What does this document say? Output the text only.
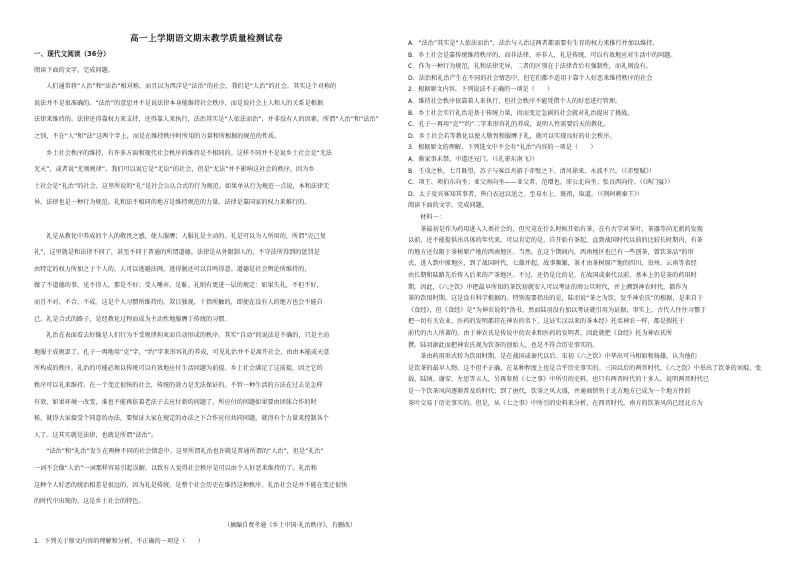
高一上学期语文期末教学质量检测试卷
一、现代文阅读（36分）
阅读下面的文字，完成问题。
　　人们通常将“人治”和“法治”相对称，而且以为西洋是“法治”的社会，我们是“人治”的社会。其实这个对称的
说法并不是很准确的。“法治”的意思并不是说法律本身能维持社会秩序，而是说社会上人和人的关系是根据
法律来维持的。法律还得靠权力来支持，还得靠人来执行，法治其实是“人依法而治”，并非没有人的因素。所谓“人治”和“法治”
之别，不在“人”和“法”这两个字上，而是在维持秩序时所用的力量和所根据的规范的性质。
　　乡土社会秩序的维持，有许多方面和现代社会秩序的维持是不相同的。这样不同并不是说乡土社会是“无法
无天”，或者说“无须规律”。我们可以说它是“无讼”的社会，但是“无法”并不影响这社会的秩序，因为乡
土社会是“礼治”的社会。这里所说的“礼”是社会公认合式的行为规范。如果单从行为规范一点说，本和法律无
异，法律也是一种行为规范。礼和法不相同的地方是维持规范的力量。法律是靠国家的权力来推行的。
　　礼是从教化中养成的个人的敬畏之感，使人服膺；人服礼是主动的。礼是可以为人所用的，所谓“克己复
礼”，这里就是和法律不同了，甚至不同于普通的所谓道德。法律是从外限制人的，不守法所得到的惩罚是
由特定的权力所加之于个人的。人可以逃避法网，逃得脱还可以自鸣得意。道德是社会舆论所维持的，
做了不道德的事，见不得人，那是不好；受人唾弃，是耻。礼则有更进一层的规定：如果失礼，不但不好，
而且不对、不合、不成。这是个人习惯所维持的。双目独视，十指所触的，即使在没有人的地方也会不能自
已。礼是合式的路子，是经教化过程而成为主动性地服膺于传统的习惯。
　　礼治在表面看去好像是人们行为不受规律拘束而自动形成的秩序。其实“自动”的说法是不确的，只是主动
地服于成规罢了。孔子一再地用“克”字，“约”字来形容礼的养成，可见礼治并不是离开社会，由由本能或天意
所构成的秩序。礼治的可能必须以传统可以有效地应付生活问题为前提。乡土社会满足了这前提，因之它的
秩序可以礼来维持。在一个变迁很快的社会，传统的效力是无法保证的。不管一种生活的方法在过去是怎样
有效，如果环境一改变，谁也不能再依着老法子去应付新的问题了。所应付的问题如果要由团体合作的时
候，就得大家接受个同意的办法，要保证大家在规定的办法之下合作应付共同问题，就得有个力量来控制各个
人了。这其实就是法律，也就是所谓“法治”。
　　“法治”和“礼治”发生在两种不同的社会情态中。这里所谓礼治也许就是普通所谓的“人治”，但是“礼治”
一词不会像“人治”一词那样容易引起误解，以致有人觉得社会秩序是可以由个人好恶来维持的了。礼治和
这种个人好恶的统治相差是很远的，因为礼是传统，是整个社会历史在维持这种秩序。礼治社会是并不能在变迁很快
的时代中出现的，这是乡土社会的特色。
（摘编自费孝通《乡土中国·礼治秩序》，有删改）
1．下列关于原文内容的理解和分析，不正确的一项是（　　）
A．“法治”其实是“人依法而治”，法治与人治这两者都需要有生存的权力来推行并加以维持。
B．乡土社会是靠传统维持秩序的，而非法律、亦非人，礼是传统，可以有效地应对生活中的问题。
C．作为一种行为规范，礼和法律无异，二者的区别在于法律背后有强制性，而礼则没有。
D．法治和礼治产生在不同的社会情态中，但它们都不适用于靠个人好恶来维持秩序的社会
2．根据原文内容，下列说法不正确的一项是（　　）
A．维持社会秩序依靠着人来执行，但社会秩序不能凭借个人的好恶进行管理。
B．乡土社会实行礼治是基于传统力量，因而变迁急剧的社会就对礼治提出了挑战。
C．孔子一再用“克”“约”二字来形容礼的养成，说明人性需要后天的教化。
D．乡土社会若等教化以使人敬畏和服膺于礼，就可以实现良好的社会秩序。
3．根据原文的理解，下列选文中不会有“礼治”内容的一项是（　　）
A．渐家事未禁，中道还兄门。（《孔雀东南飞》）
B．壬戌之秋，七月既望，苏子与客泛舟游于赤壁之下。清风徐来，水波不兴。（《赤壁赋》）
C．项王、项伯东向坐；亚父南向坐——亚父者，范增也。沛公北向坐；张良西向侍。（《鸿门宴》）
D．太子及宾客知其事者，皆白衣冠以送之。至易水上，既祖，取道。（《荆轲刺秦王》）
阅读下面的文字，完成问题。
　　材料一：
　　茶最初是作为药用进入人类社会的，但究竟在什么时候开始有茶，在有古学对茶叶，茶器等尚无新的发现
以前，还不能提供出具体的年代来。可以肯定的是，自开始有茶起，直到战国时代以前的比较长时期内，有茶
的地方还仅限于茶树原产地的西南地区。当然，在这个期间内，西南地区也已有一些创茶，曾饮茶品“的形
式，进入到中原地区，到了战国时代，七雄并起，战事频繁，茶才由茶树原产地的四川、贵州、云南等省经
由长期和陆路先后传入后来的产茶地区。不过，还仍是比的是，在战国或秦代以前，基本上仍是茶的药用时
期。因此，《六之饮》中把最早所知的茶饮初就安人可以考证的周公旦时代，并上溯到神农时代，都作为
茶的饮用时期，这是没有科学根据的。特别需要指出的是，陆羽说“茶之为饮，发乎神农氏”的根据，是来自于
《食经》，但《食经》是“为神农说的”伪书，然而陆羽没有加以考证就引用为证据，事实上，古代人往往习惯于
把一切有关农业、医药的发明都挂在神农的名下，这证实汉以来的茶本经》托名神农一样，都是假托于
前代的古人所著的。由于神农氏是传说中的农业和医药的发明者，因此就把《食经》托为神农氏所
撰。陆羽据此而把神农氏视为饮茶的创始人，也是不符合历史事实的。
　　茶由药用形式转为饮用时期，是在战国或秦代以后。宋初《六之饮》中华出可马相如和扬雄，认为他们
是饮茶的最早人物。这不但不正确，在某种程度上也是合乎历史事实的。三国以后的两晋时代，《六之饮》中举出了饮茶的刘琨、张
载、陆纳、谢安、左思等五人，另再参照《七之事》中所引的史料，也只有两晋时代的十多人，说明两晋时代已
是一个饮茶风尚逐渐普及的时代；到了唐代，饮茶之风大盛，并通商销售于北方地方已成为一个地方性的
茶叶交易于历史事实的。但是，从《七之事》中所引的史料来分析，在西晋时代，南方的饮茶风尚已经北方为
